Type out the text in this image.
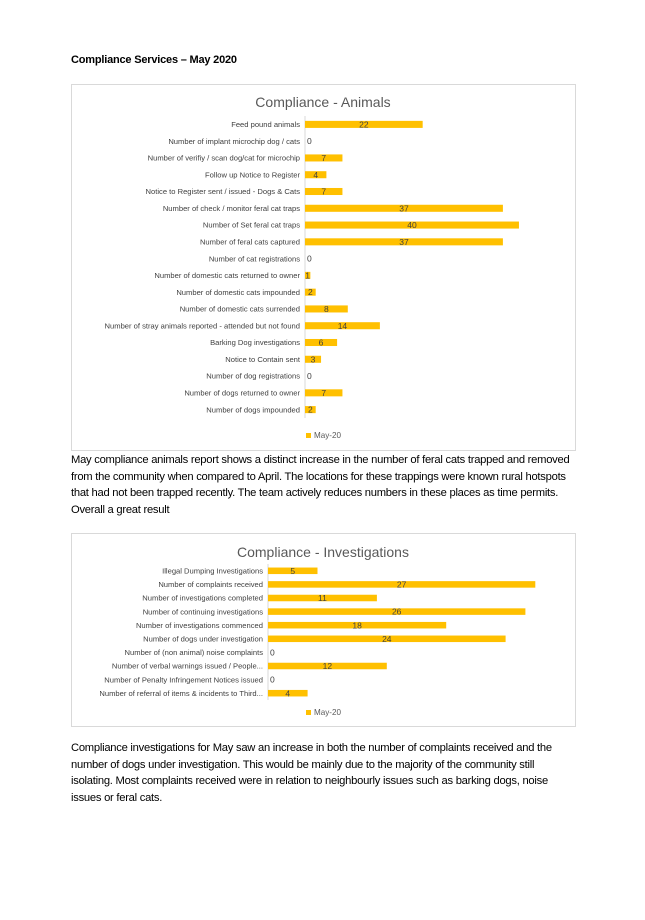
Compliance Services – May 2020
Compliance - Animals
Feed pound animals	22
Number of implant microchip dog / cats 0
Number of verifiy / scan dog/cat for microchip	7
Follow up Notice to Register 4
Notice to Register sent / issued - Dogs & Cats	7
Number of check / monitor feral cat traps	37
Number of Set feral cat traps	40
Number of feral cats captured	37
Number of cat registrations 0
Number of domestic cats returned to owner 1
Number of domestic cats impounded 2
Number of domestic cats surrended	8
Number of stray animals reported - attended but not found	14
Barking Dog investigations 6
Notice to Contain sent 3
Number of dog registrations 0
Number of dogs returned to owner	7
Number of dogs impounded 2
May-20
May compliance animals report shows a distinct increase in the number of feral cats trapped and removed from the community when compared to April. The locations for these trappings were known rural hotspots that had not been trapped recently. The team actively reduces numbers in these places as time permits. Overall a great result
Compliance - Investigations
Illegal Dumping Investigations	5
Number of complaints received	27
Number of investigations completed	11
Number of continuing investigations	26
Number of investigations commenced	18
Number of dogs under investigation	24
Number of (non animal) noise complaints 0
Number of verbal warnings issued / People...	12
Number of Penalty Infringement Notices issued 0
Number of referral of items & incidents to Third...	4
May-20
Compliance investigations for May saw an increase in both the number of complaints received and the number of dogs under investigation. This would be mainly due to the majority of the community still isolating. Most complaints received were in relation to neighbourly issues such as barking dogs, noise issues or feral cats.
